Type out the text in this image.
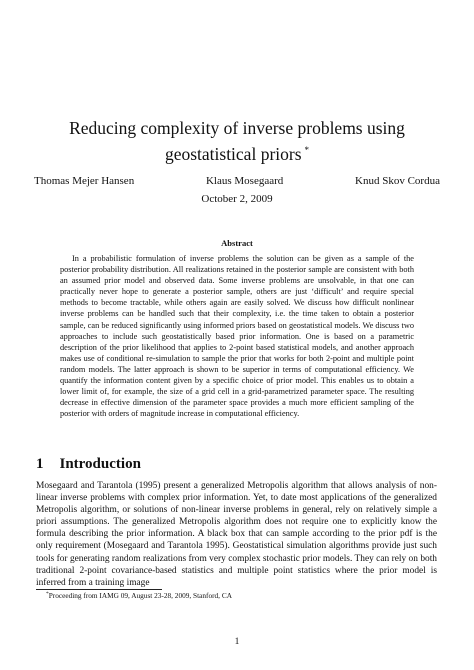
Reducing complexity of inverse problems using
geostatistical priors *
Thomas Mejer Hansen	Klaus Mosegaard	Knud Skov Cordua
October 2, 2009
Abstract
In a probabilistic formulation of inverse problems the solution can be given as a sample of the posterior probability distribution. All realizations retained in the posterior sample are consistent with both an assumed prior model and observed data. Some inverse problems are unsolvable, in that one can practically never hope to generate a posterior sample, others are just ‘difficult’ and require special methods to become tractable, while others again are easily solved. We discuss how difficult nonlinear inverse problems can be handled such that their complexity, i.e. the time taken to obtain a posterior sample, can be reduced significantly using informed priors based on geostatistical models. We discuss two approaches to include such geostatistically based prior information. One is based on a parametric description of the prior likelihood that applies to 2-point based statistical models, and another approach makes use of conditional re-simulation to sample the prior that works for both 2-point and multiple point random models. The latter approach is shown to be superior in terms of computational efficiency. We quantify the information content given by a specific choice of prior model. This enables us to obtain a lower limit of, for example, the size of a grid cell in a grid-parametrized parameter space. The resulting decrease in effective dimension of the parameter space provides a much more efficient sampling of the posterior with orders of magnitude increase in computational efficiency.
1 Introduction
Mosegaard and Tarantola (1995) present a generalized Metropolis algorithm that allows analysis of non-linear inverse problems with complex prior information. Yet, to date most applications of the generalized Metropolis algorithm, or solutions of non-linear inverse problems in general, rely on relatively simple a priori assumptions. The generalized Metropolis algorithm does not require one to explicitly know the formula describing the prior information. A black box that can sample according to the prior pdf is the only requirement (Mosegaard and Tarantola 1995). Geostatistical simulation algorithms provide just such tools for generating random realizations from very complex stochastic prior models. They can rely on both traditional 2-point covariance-based statistics and multiple point statistics where the prior model is inferred from a training image
*Proceeding from IAMG 09, August 23-28, 2009, Stanford, CA
1
